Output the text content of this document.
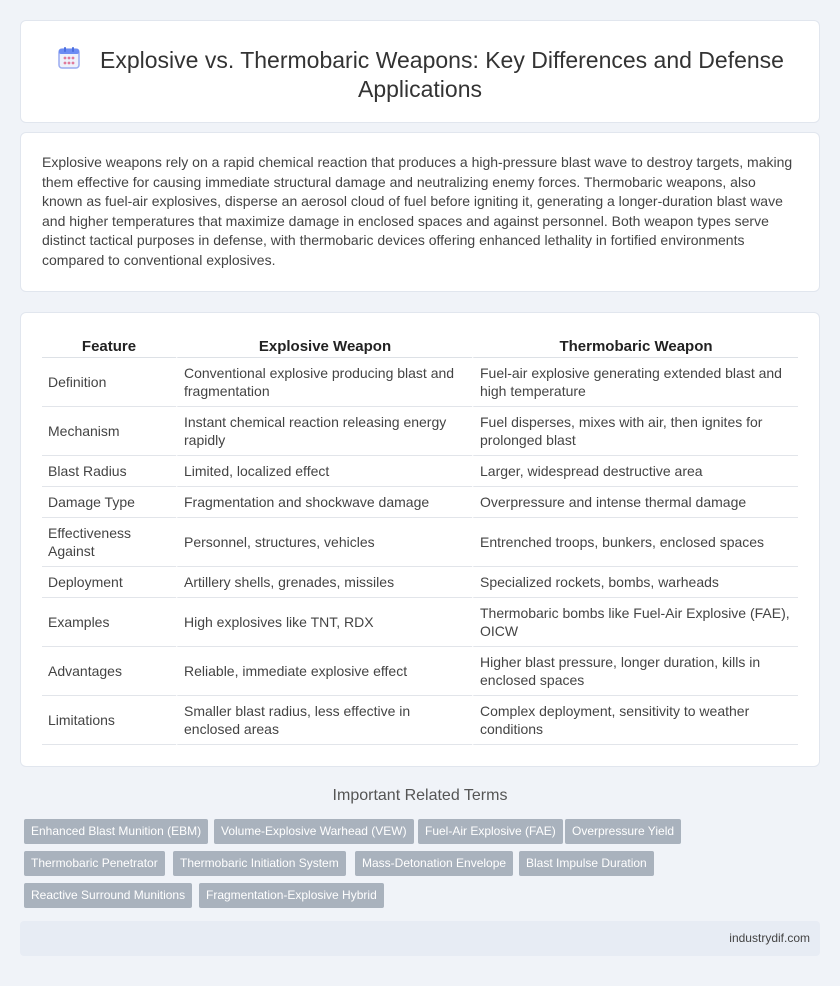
Explosive vs. Thermobaric Weapons: Key Differences and Defense Applications

Explosive weapons rely on a rapid chemical reaction that produces a high-pressure blast wave to destroy targets, making them effective for causing immediate structural damage and neutralizing enemy forces. Thermobaric weapons, also known as fuel-air explosives, disperse an aerosol cloud of fuel before igniting it, generating a longer-duration blast wave and higher temperatures that maximize damage in enclosed spaces and against personnel. Both weapon types serve distinct tactical purposes in defense, with thermobaric devices offering enhanced lethality in fortified environments compared to conventional explosives.

Feature	Explosive Weapon	Thermobaric Weapon
Definition	Conventional explosive producing blast and fragmentation	Fuel-air explosive generating extended blast and high temperature
Mechanism	Instant chemical reaction releasing energy rapidly	Fuel disperses, mixes with air, then ignites for prolonged blast
Blast Radius	Limited, localized effect	Larger, widespread destructive area
Damage Type	Fragmentation and shockwave damage	Overpressure and intense thermal damage
Effectiveness Against	Personnel, structures, vehicles	Entrenched troops, bunkers, enclosed spaces
Deployment	Artillery shells, grenades, missiles	Specialized rockets, bombs, warheads
Examples	High explosives like TNT, RDX	Thermobaric bombs like Fuel-Air Explosive (FAE), OICW
Advantages	Reliable, immediate explosive effect	Higher blast pressure, longer duration, kills in enclosed spaces
Limitations	Smaller blast radius, less effective in enclosed areas	Complex deployment, sensitivity to weather conditions
Important Related Terms
Enhanced Blast Munition (EBM)	Volume-Explosive Warhead (VEW)	Fuel-Air Explosive (FAE)	Overpressure Yield
Thermobaric Penetrator	Thermobaric Initiation System	Mass-Detonation Envelope	Blast Impulse Duration
Reactive Surround Munitions	Fragmentation-Explosive Hybrid
industrydif.com
